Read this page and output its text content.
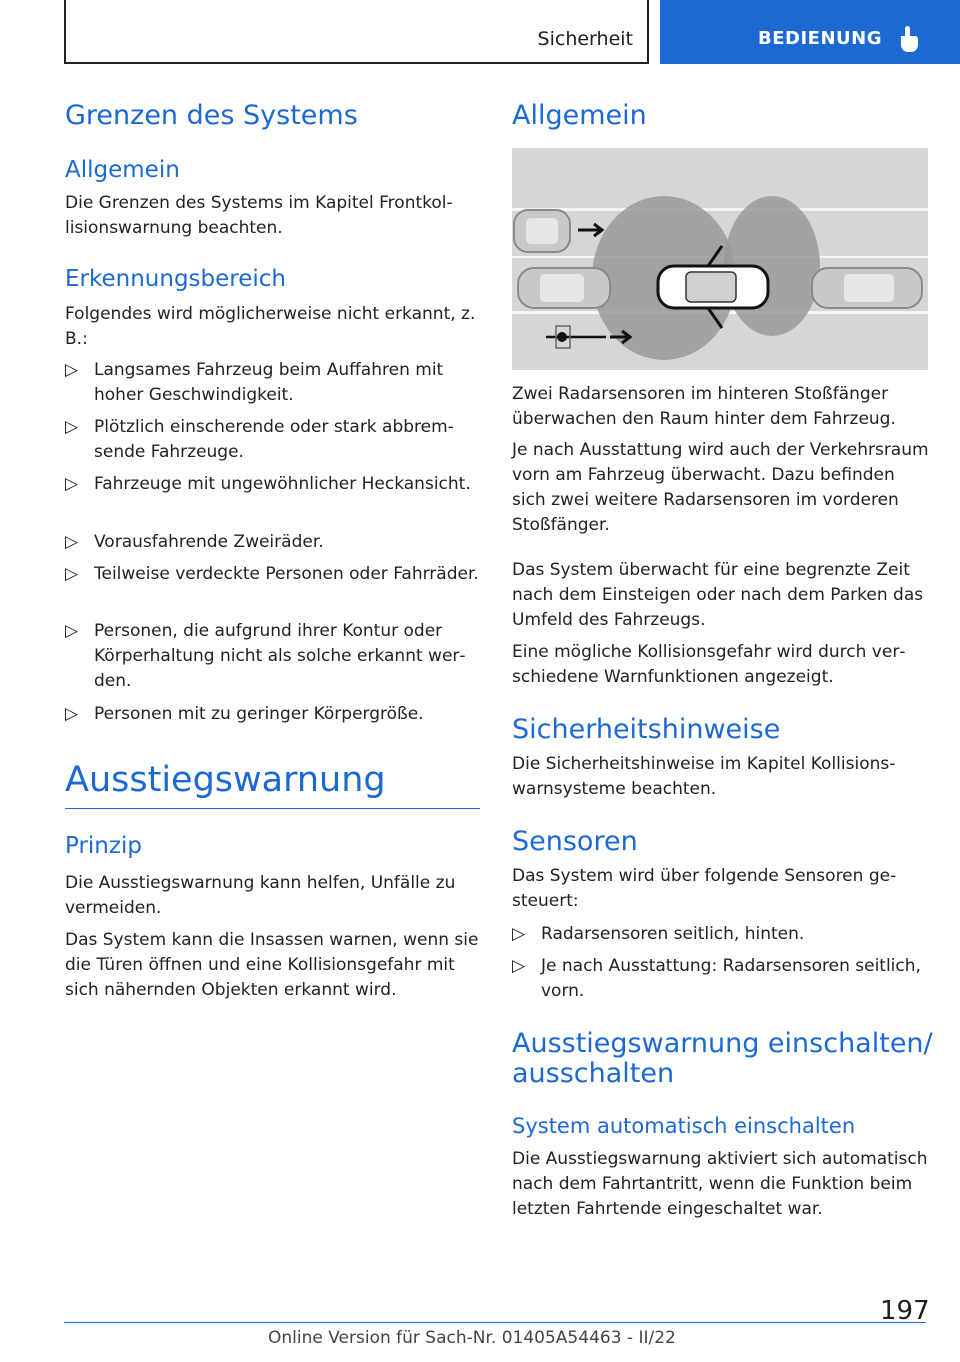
Sicherheit	BEDIENUNG
Grenzen des Systems
Allgemein
Die Grenzen des Systems im Kapitel Frontkollisionswarnung beachten.
Erkennungsbereich
Folgendes wird möglicherweise nicht erkannt, z. B.:
▷ Langsames Fahrzeug beim Auffahren mit hoher Geschwindigkeit.
▷ Plötzlich einscherende oder stark abbremsende Fahrzeuge.
▷ Fahrzeuge mit ungewöhnlicher Heckansicht.
▷ Vorausfahrende Zweiräder.
▷ Teilweise verdeckte Personen oder Fahrräder.
▷ Personen, die aufgrund ihrer Kontur oder Körperhaltung nicht als solche erkannt werden.
▷ Personen mit zu geringer Körpergröße.
Ausstiegswarnung
Prinzip
Die Ausstiegswarnung kann helfen, Unfälle zu vermeiden.
Das System kann die Insassen warnen, wenn sie die Türen öffnen und eine Kollisionsgefahr mit sich nähernden Objekten erkannt wird.
Allgemein
Zwei Radarsensoren im hinteren Stoßfänger überwachen den Raum hinter dem Fahrzeug.
Je nach Ausstattung wird auch der Verkehrsraum vorn am Fahrzeug überwacht. Dazu befinden sich zwei weitere Radarsensoren im vorderen Stoßfänger.
Das System überwacht für eine begrenzte Zeit nach dem Einsteigen oder nach dem Parken das Umfeld des Fahrzeugs.
Eine mögliche Kollisionsgefahr wird durch verschiedene Warnfunktionen angezeigt.
Sicherheitshinweise
Die Sicherheitshinweise im Kapitel Kollisionswarnsysteme beachten.
Sensoren
Das System wird über folgende Sensoren gesteuert:
▷ Radarsensoren seitlich, hinten.
▷ Je nach Ausstattung: Radarsensoren seitlich, vorn.
Ausstiegswarnung einschalten/
ausschalten
System automatisch einschalten
Die Ausstiegswarnung aktiviert sich automatisch nach dem Fahrtantritt, wenn die Funktion beim letzten Fahrtende eingeschaltet war.
197
Online Version für Sach-Nr. 01405A54463 - II/22
